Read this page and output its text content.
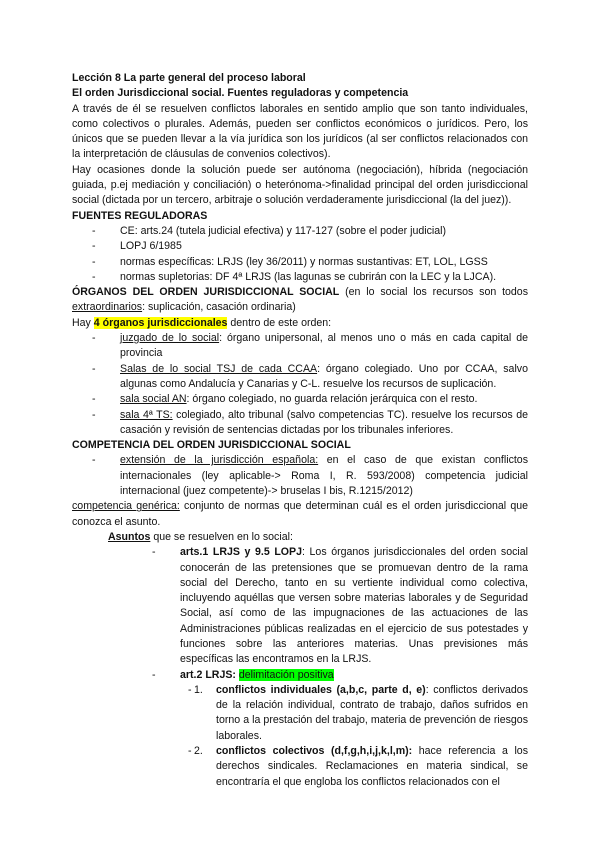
Lección 8 La parte general del proceso laboral

El orden Jurisdiccional social. Fuentes reguladoras y competencia

A través de él se resuelven conflictos laborales en sentido amplio que son tanto individuales, como colectivos o plurales. Además, pueden ser conflictos económicos o jurídicos. Pero, los únicos que se pueden llevar a la vía jurídica son los jurídicos (al ser conflictos relacionados con la interpretación de cláusulas de convenios colectivos).

Hay ocasiones donde la solución puede ser autónoma (negociación), híbrida (negociación guiada, p.ej mediación y conciliación) o heterónoma->finalidad principal del orden jurisdiccional social (dictada por un tercero, arbitraje o solución verdaderamente jurisdiccional (la del juez)).

FUENTES REGULADORAS

- CE: arts.24 (tutela judicial efectiva) y 117-127 (sobre el poder judicial)
- LOPJ 6/1985
- normas específicas: LRJS (ley 36/2011) y normas sustantivas: ET, LOL, LGSS
- normas supletorias: DF 4ª LRJS (las lagunas se cubrirán con la LEC y la LJCA).

ÓRGANOS DEL ORDEN JURISDICCIONAL SOCIAL (en lo social los recursos son todos extraordinarios: suplicación, casación ordinaria)

Hay 4 órganos jurisdiccionales dentro de este orden:

- juzgado de lo social: órgano unipersonal, al menos uno o más en cada capital de provincia
- Salas de lo social TSJ de cada CCAA: órgano colegiado. Uno por CCAA, salvo algunas como Andalucía y Canarias y C-L. resuelve los recursos de suplicación.
- sala social AN: órgano colegiado, no guarda relación jerárquica con el resto.
- sala 4ª TS: colegiado, alto tribunal (salvo competencias TC). resuelve los recursos de casación y revisión de sentencias dictadas por los tribunales inferiores.

COMPETENCIA DEL ORDEN JURISDICCIONAL SOCIAL

- extensión de la jurisdicción española: en el caso de que existan conflictos internacionales (ley aplicable-> Roma I, R. 593/2008) competencia judicial internacional (juez competente)-> bruselas I bis, R.1215/2012)

competencia genérica: conjunto de normas que determinan cuál es el orden jurisdiccional que conozca el asunto.

Asuntos que se resuelven en lo social:

- arts.1 LRJS y 9.5 LOPJ: Los órganos jurisdiccionales del orden social conocerán de las pretensiones que se promuevan dentro de la rama social del Derecho, tanto en su vertiente individual como colectiva, incluyendo aquéllas que versen sobre materias laborales y de Seguridad Social, así como de las impugnaciones de las actuaciones de las Administraciones públicas realizadas en el ejercicio de sus potestades y funciones sobre las anteriores materias. Unas previsiones más específicas las encontramos en la LRJS.
- art.2 LRJS: delimitación positiva
- 1. conflictos individuales (a,b,c, parte d, e): conflictos derivados de la relación individual, contrato de trabajo, daños sufridos en torno a la prestación del trabajo, materia de prevención de riesgos laborales.
- 2. conflictos colectivos (d,f,g,h,i,j,k,l,m): hace referencia a los derechos sindicales. Reclamaciones en materia sindical, se encontraría el que engloba los conflictos relacionados con el
